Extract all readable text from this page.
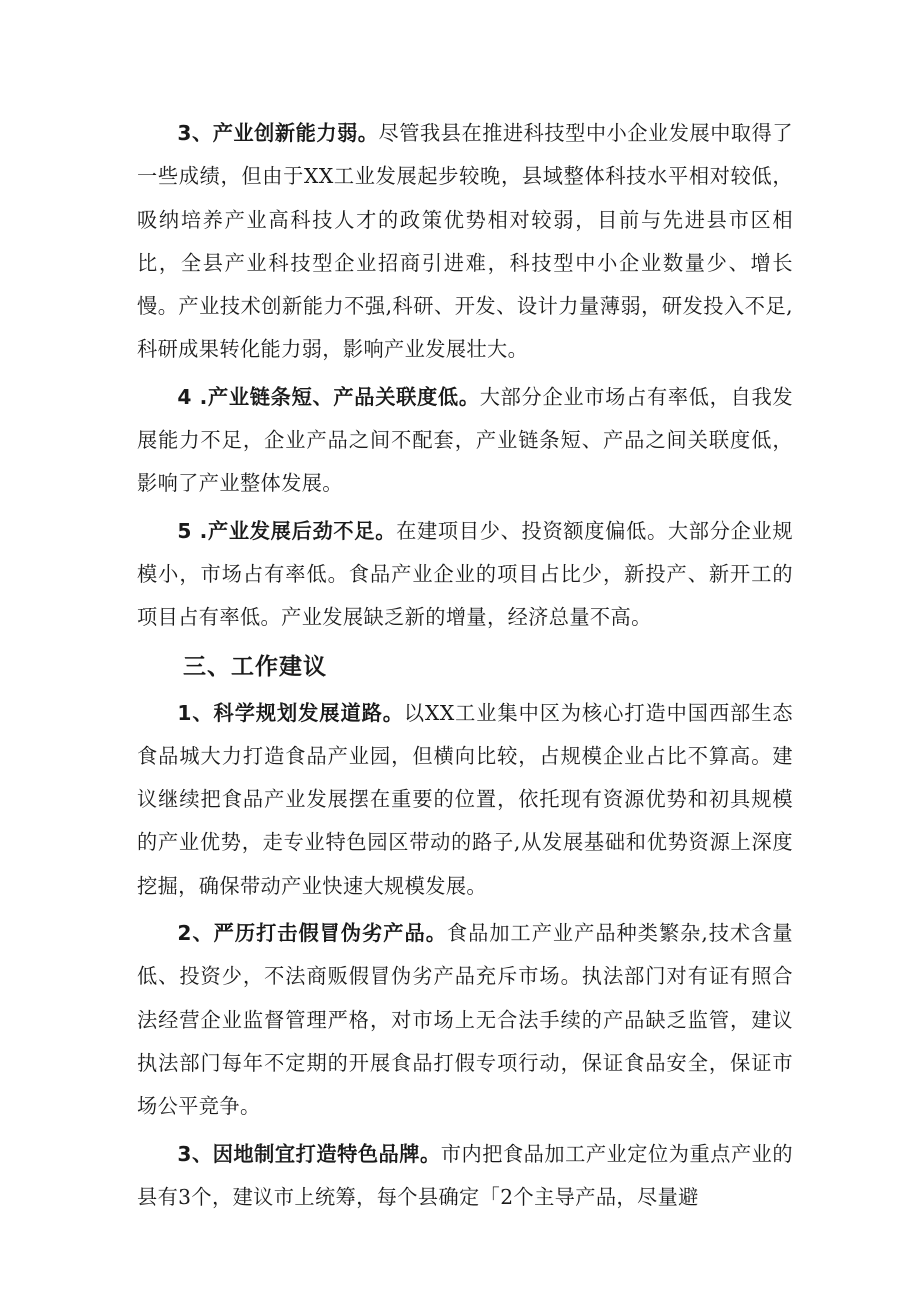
3、产业创新能力弱。尽管我县在推进科技型中小企业发展中取得了一些成绩，但由于XX工业发展起步较晚，县域整体科技水平相对较低，吸纳培养产业高科技人才的政策优势相对较弱，目前与先进县市区相比，全县产业科技型企业招商引进难，科技型中小企业数量少、增长慢。产业技术创新能力不强,科研、开发、设计力量薄弱，研发投入不足,科研成果转化能力弱，影响产业发展壮大。

4 .产业链条短、产品关联度低。大部分企业市场占有率低，自我发展能力不足，企业产品之间不配套，产业链条短、产品之间关联度低，影响了产业整体发展。

5 .产业发展后劲不足。在建项目少、投资额度偏低。大部分企业规模小，市场占有率低。食品产业企业的项目占比少，新投产、新开工的项目占有率低。产业发展缺乏新的增量，经济总量不高。

三、工作建议

1、科学规划发展道路。以XX工业集中区为核心打造中国西部生态食品城大力打造食品产业园，但横向比较，占规模企业占比不算高。建议继续把食品产业发展摆在重要的位置，依托现有资源优势和初具规模的产业优势，走专业特色园区带动的路子,从发展基础和优势资源上深度挖掘，确保带动产业快速大规模发展。

2、严历打击假冒伪劣产品。食品加工产业产品种类繁杂,技术含量低、投资少，不法商贩假冒伪劣产品充斥市场。执法部门对有证有照合法经营企业监督管理严格，对市场上无合法手续的产品缺乏监管，建议执法部门每年不定期的开展食品打假专项行动，保证食品安全，保证市场公平竞争。

3、因地制宜打造特色品牌。市内把食品加工产业定位为重点产业的县有3个，建议市上统筹，每个县确定「2个主导产品，尽量避
